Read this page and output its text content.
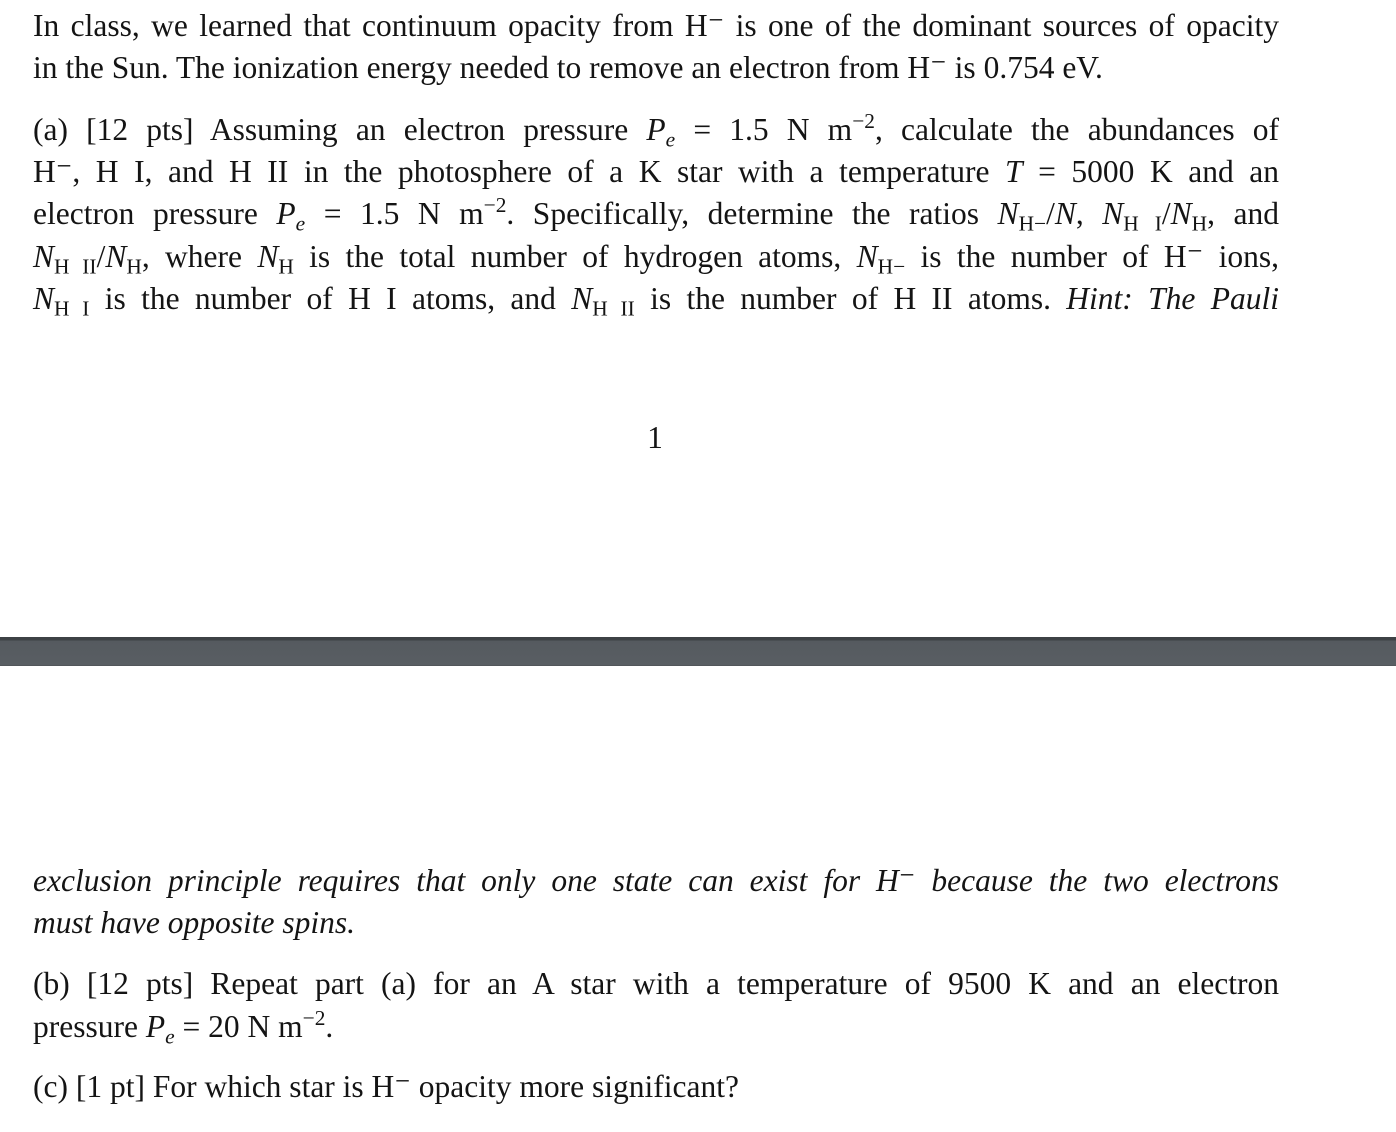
In class, we learned that continuum opacity from H⁻ is one of the dominant sources of opacity
in the Sun. The ionization energy needed to remove an electron from H⁻ is 0.754 eV.
(a) [12 pts] Assuming an electron pressure $P_e = 1.5$ N $m^{-2}$, calculate the abundances of
H⁻, H I, and H II in the photosphere of a K star with a temperature T = 5000 K and an
electron pressure $P_e = 1.5$ N $m^{-2}$. Specifically, determine the ratios $N_{H-}/N$, $N_{H I}/N_H$, and
$N_{H II}/N_H$, where $N_H$ is the total number of hydrogen atoms, $N_{H-}$ is the number of H⁻ ions,
$N_{H I}$ is the number of H I atoms, and $N_{H II}$ is the number of H II atoms. Hint: The Pauli
1
exclusion principle requires that only one state can exist for H⁻ because the two electrons
must have opposite spins.
(b) [12 pts] Repeat part (a) for an A star with a temperature of 9500 K and an electron
pressure $P_e = 20$ N $m^{-2}$.
(c) [1 pt] For which star is H⁻ opacity more significant?
